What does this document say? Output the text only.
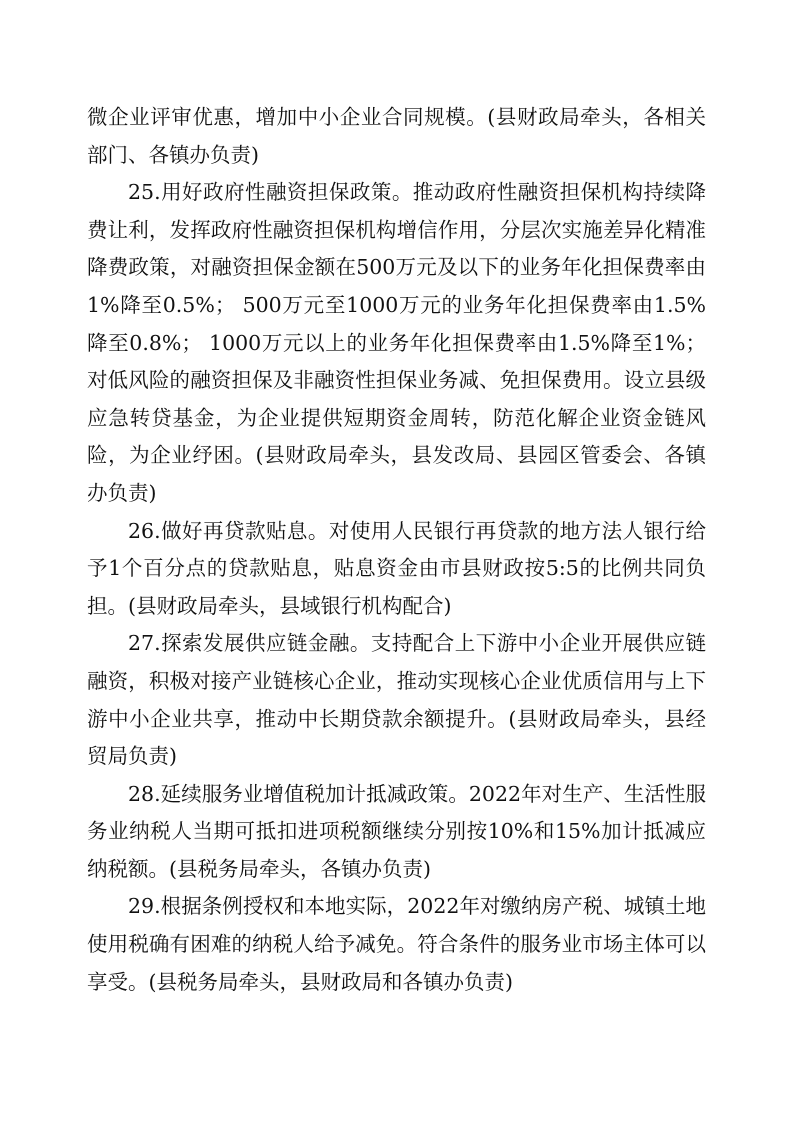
微企业评审优惠，增加中小企业合同规模。(县财政局牵头，各相关部门、各镇办负责)

25.用好政府性融资担保政策。推动政府性融资担保机构持续降费让利，发挥政府性融资担保机构增信作用，分层次实施差异化精准降费政策，对融资担保金额在500万元及以下的业务年化担保费率由1%降至0.5%； 500万元至1000万元的业务年化担保费率由1.5%降至0.8%； 1000万元以上的业务年化担保费率由1.5%降至1%；对低风险的融资担保及非融资性担保业务减、免担保费用。设立县级应急转贷基金，为企业提供短期资金周转，防范化解企业资金链风险，为企业纾困。(县财政局牵头，县发改局、县园区管委会、各镇办负责)

26.做好再贷款贴息。对使用人民银行再贷款的地方法人银行给予1个百分点的贷款贴息，贴息资金由市县财政按5:5的比例共同负担。(县财政局牵头，县域银行机构配合)

27.探索发展供应链金融。支持配合上下游中小企业开展供应链融资，积极对接产业链核心企业，推动实现核心企业优质信用与上下游中小企业共享，推动中长期贷款余额提升。(县财政局牵头，县经贸局负责)

28.延续服务业增值税加计抵减政策。2022年对生产、生活性服务业纳税人当期可抵扣进项税额继续分别按10%和15%加计抵减应纳税额。(县税务局牵头，各镇办负责)

29.根据条例授权和本地实际，2022年对缴纳房产税、城镇土地使用税确有困难的纳税人给予减免。符合条件的服务业市场主体可以享受。(县税务局牵头，县财政局和各镇办负责)
